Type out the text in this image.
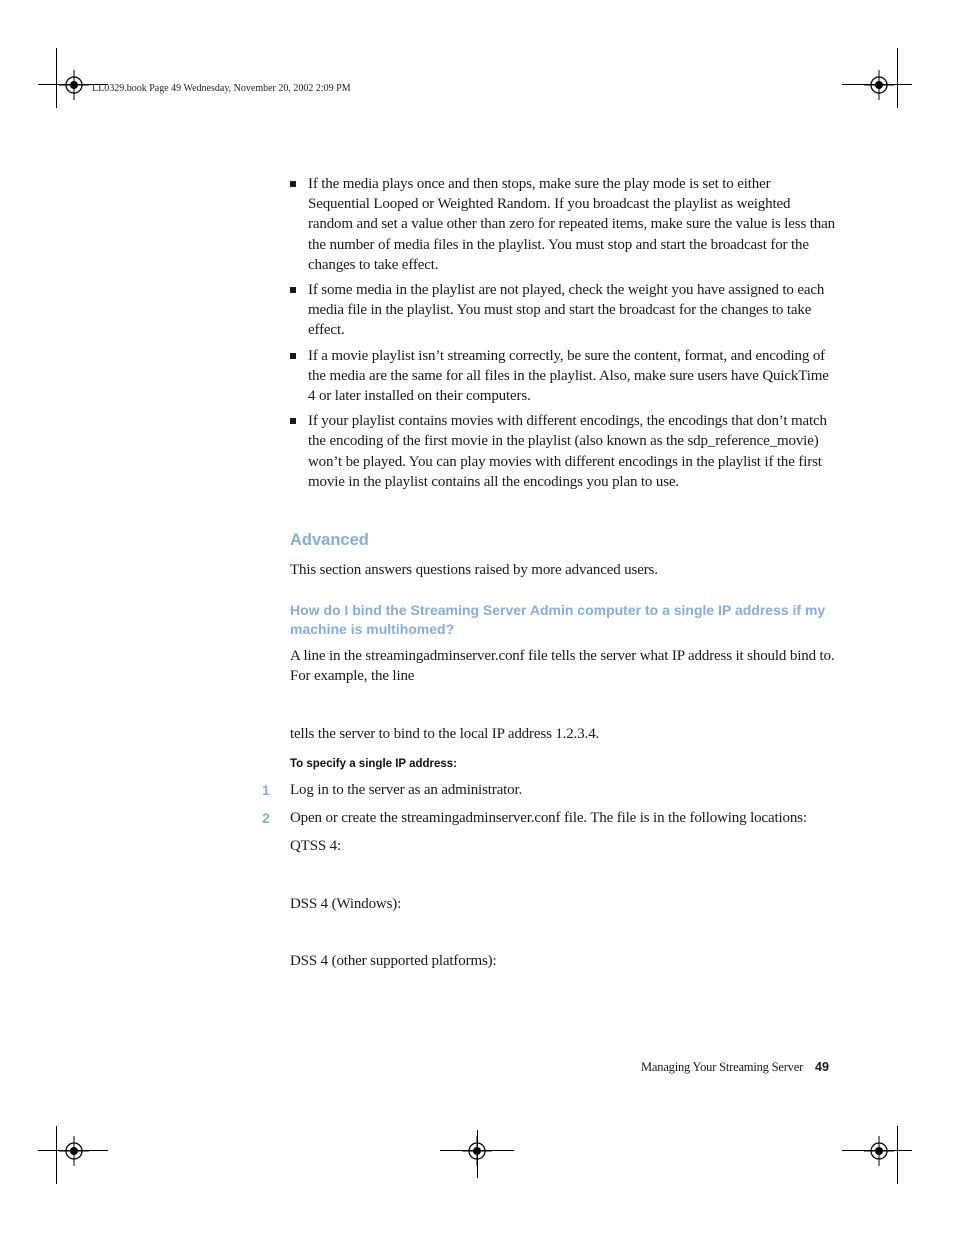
LL0329.book Page 49 Wednesday, November 20, 2002 2:09 PM
If the media plays once and then stops, make sure the play mode is set to either Sequential Looped or Weighted Random. If you broadcast the playlist as weighted random and set a value other than zero for repeated items, make sure the value is less than the number of media files in the playlist. You must stop and start the broadcast for the changes to take effect.
If some media in the playlist are not played, check the weight you have assigned to each media file in the playlist. You must stop and start the broadcast for the changes to take effect.
If a movie playlist isn’t streaming correctly, be sure the content, format, and encoding of the media are the same for all files in the playlist. Also, make sure users have QuickTime 4 or later installed on their computers.
If your playlist contains movies with different encodings, the encodings that don’t match the encoding of the first movie in the playlist (also known as the sdp_reference_movie) won’t be played. You can play movies with different encodings in the playlist if the first movie in the playlist contains all the encodings you plan to use.
Advanced
This section answers questions raised by more advanced users.
How do I bind the Streaming Server Admin computer to a single IP address if my machine is multihomed?
A line in the streamingadminserver.conf file tells the server what IP address it should bind to. For example, the line
tells the server to bind to the local IP address 1.2.3.4.
To specify a single IP address:
1 Log in to the server as an administrator.
2 Open or create the streamingadminserver.conf file. The file is in the following locations:
QTSS 4:
DSS 4 (Windows):
DSS 4 (other supported platforms):
Managing Your Streaming Server 49
